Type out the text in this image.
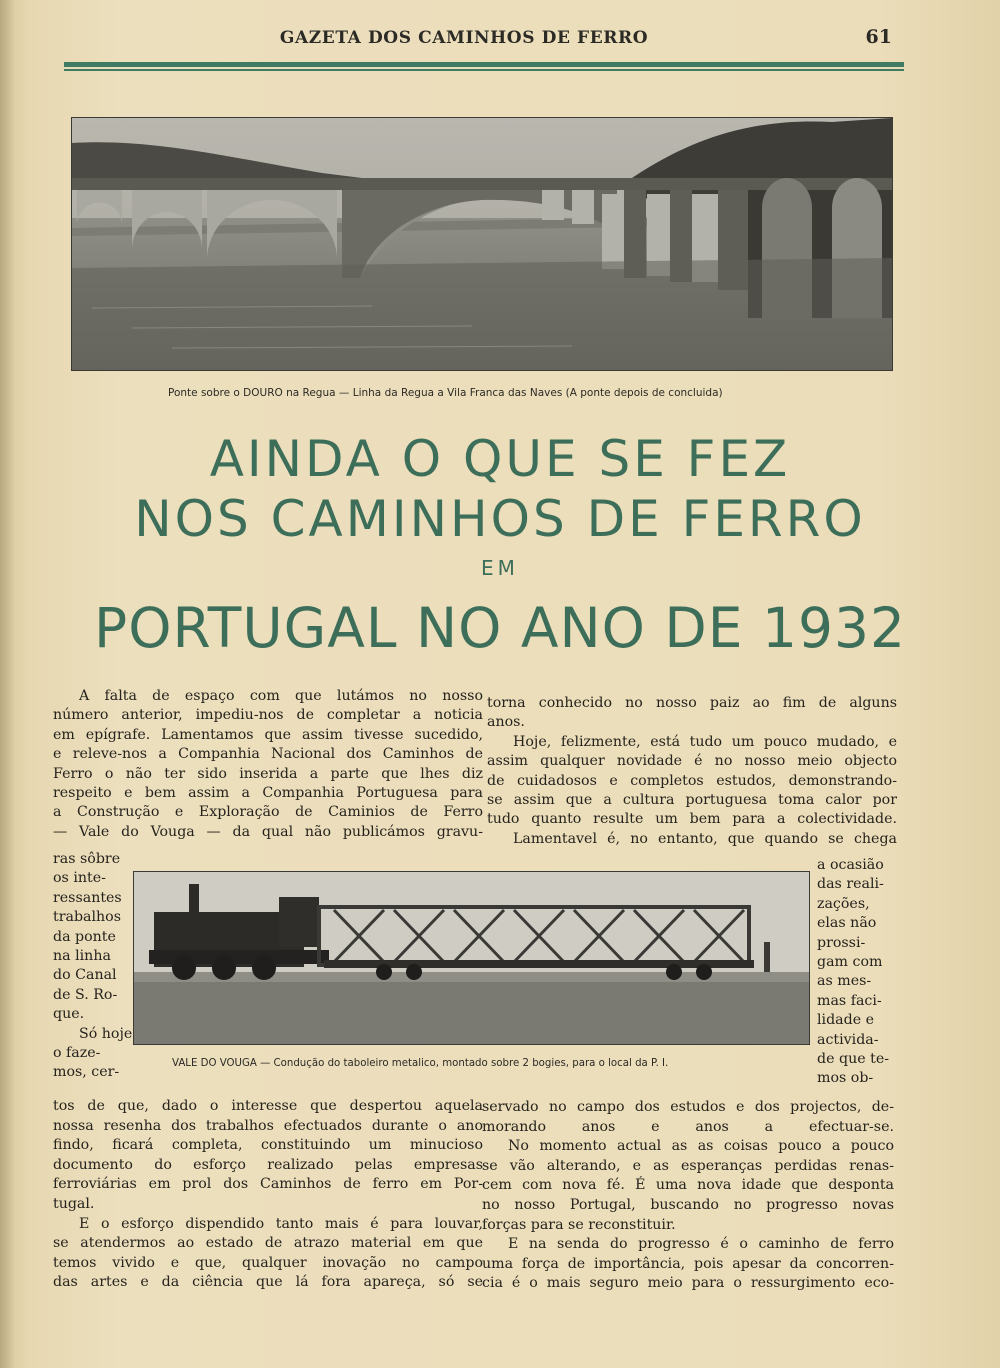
GAZETA DOS CAMINHOS DE FERRO	61
Ponte sobre o DOURO na Regua — Linha da Regua a Vila Franca das Naves (A ponte depois de concluida)
AINDA O QUE SE FEZ
NOS CAMINHOS DE FERRO
EM
PORTUGAL NO ANO DE 1932
VALE DO VOUGA — Condução do taboleiro metalico, montado sobre 2 bogies, para o local da P. I.
A falta de espaço com que lutámos no nosso
número anterior, impediu-nos de completar a noticia
em epígrafe. Lamentamos que assim tivesse sucedido,
e releve-nos a Companhia Nacional dos Caminhos de
Ferro o não ter sido inserida a parte que lhes diz
respeito e bem assim a Companhia Portuguesa para
a Construção e Exploração de Caminios de Ferro
— Vale do Vouga — da qual não publicámos gravu-
ras sôbre
os inte-
ressantes
trabalhos
da ponte
na linha
do Canal
de S. Ro-
que.
Só hoje
o faze-
mos, cer-
tos de que, dado o interesse que despertou aquela
nossa resenha dos trabalhos efectuados durante o ano
findo, ficará completa, constituindo um minucioso
documento do esforço realizado pelas empresas
ferroviárias em prol dos Caminhos de ferro em Por-
tugal.
E o esforço dispendido tanto mais é para louvar,
se atendermos ao estado de atrazo material em que
temos vivido e que, qualquer inovação no campo
das artes e da ciência que lá fora apareça, só se
torna conhecido no nosso paiz ao fim de alguns
anos.
Hoje, felizmente, está tudo um pouco mudado, e
assim qualquer novidade é no nosso meio objecto
de cuidadosos e completos estudos, demonstrando-
se assim que a cultura portuguesa toma calor por
tudo quanto resulte um bem para a colectividade.
Lamentavel é, no entanto, que quando se chega
a ocasião
das reali-
zações,
elas não
prossi-
gam com
as mes-
mas faci-
lidade e
activida-
de que te-
mos ob-
servado no campo dos estudos e dos projectos, de-
morando anos e anos a efectuar-se.
No momento actual as as coisas pouco a pouco
se vão alterando, e as esperanças perdidas renas-
cem com nova fé. É uma nova idade que desponta
no nosso Portugal, buscando no progresso novas
forças para se reconstituir.
E na senda do progresso é o caminho de ferro
uma força de importância, pois apesar da concorren-
cia é o mais seguro meio para o ressurgimento eco-
